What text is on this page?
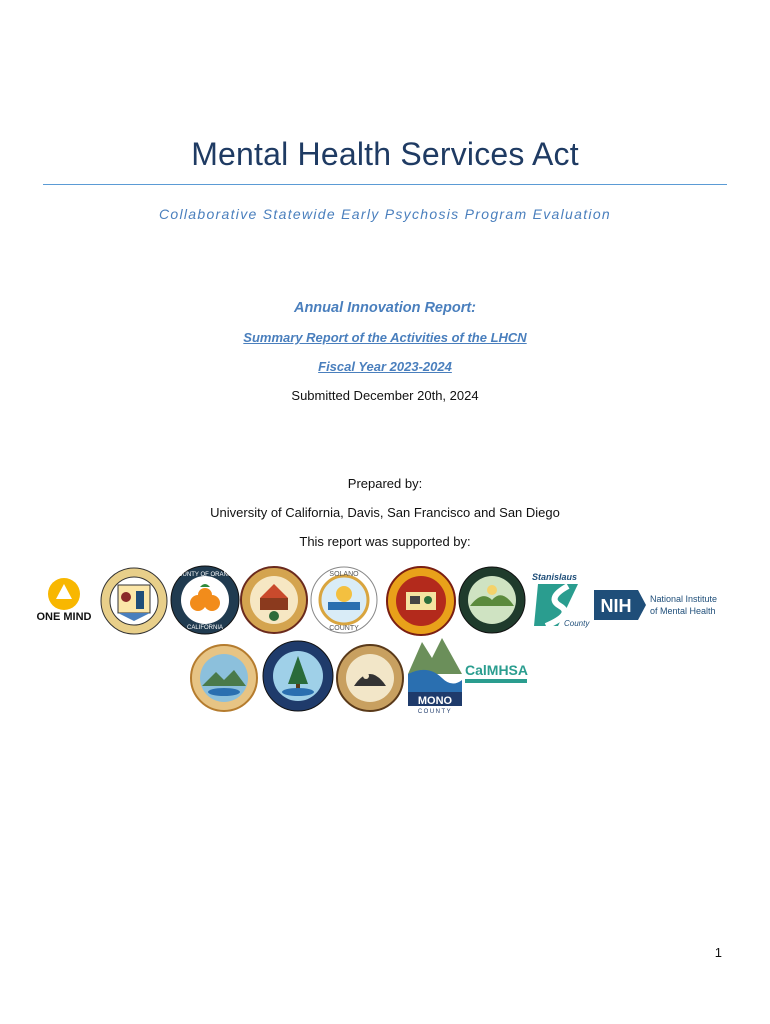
Mental Health Services Act
Collaborative Statewide Early Psychosis Program Evaluation
Annual Innovation Report:
Summary Report of the Activities of the LHCN
Fiscal Year 2023-2024
Submitted December 20th, 2024
Prepared by:
University of California, Davis, San Francisco and San Diego
This report was supported by:
ONE MIND
COUNTY OF ORANGE
CALIFORNIA
SOLANO
COUNTY
Stanislaus
County
NIH National Institute
of Mental Health
MONO
COUNTY
CalMHSA
1
